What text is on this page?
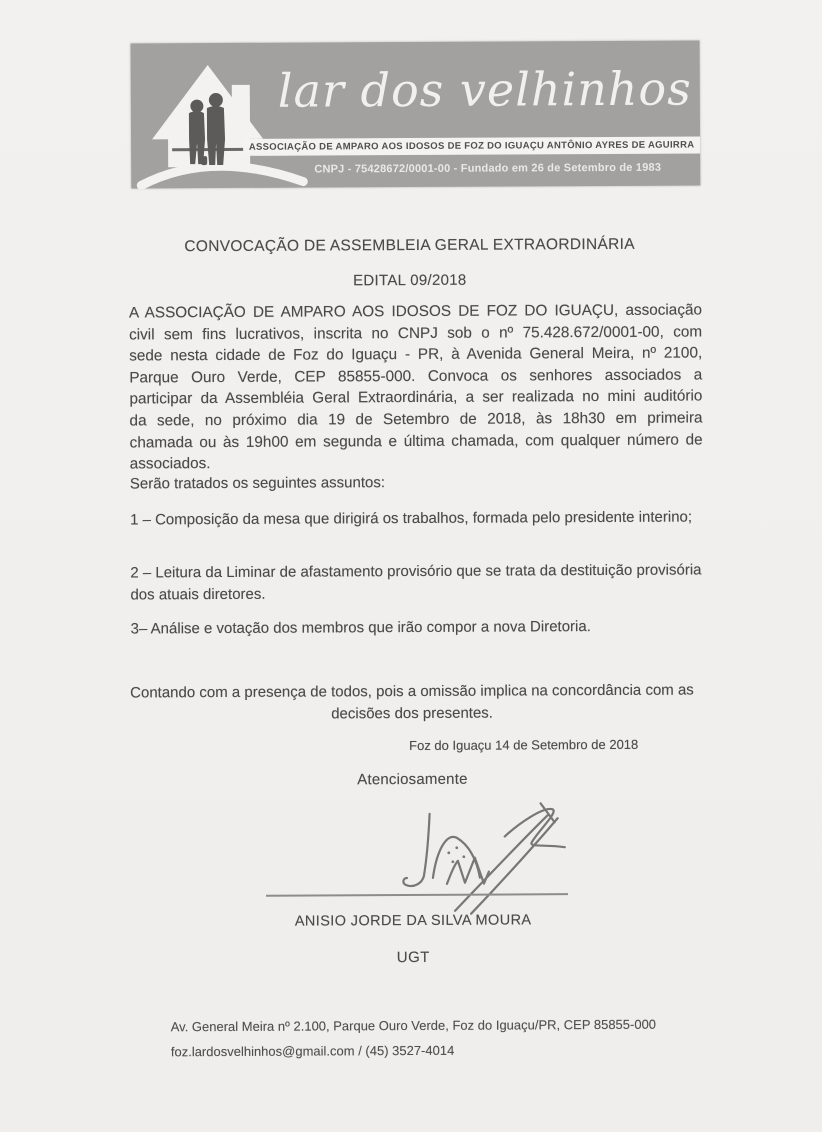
lar dos velhinhos
ASSOCIAÇÃO DE AMPARO AOS IDOSOS DE FOZ DO IGUAÇU ANTÔNIO AYRES DE AGUIRRA
CNPJ - 75428672/0001-00 - Fundado em 26 de Setembro de 1983
CONVOCAÇÃO DE ASSEMBLEIA GERAL EXTRAORDINÁRIA
EDITAL 09/2018

A ASSOCIAÇÃO DE AMPARO AOS IDOSOS DE FOZ DO IGUAÇU, associação civil sem fins lucrativos, inscrita no CNPJ sob o nº 75.428.672/0001-00, com sede nesta cidade de Foz do Iguaçu - PR, à Avenida General Meira, nº 2100, Parque Ouro Verde, CEP 85855-000. Convoca os senhores associados a participar da Assembléia Geral Extraordinária, a ser realizada no mini auditório da sede, no próximo dia 19 de Setembro de 2018, às 18h30 em primeira chamada ou às 19h00 em segunda e última chamada, com qualquer número de associados.

Serão tratados os seguintes assuntos:

1 – Composição da mesa que dirigirá os trabalhos, formada pelo presidente interino;

2 – Leitura da Liminar de afastamento provisório que se trata da destituição provisória dos atuais diretores.

3– Análise e votação dos membros que irão compor a nova Diretoria.

Contando com a presença de todos, pois a omissão implica na concordância com as decisões dos presentes.

Foz do Iguaçu 14 de Setembro de 2018
Atenciosamente
ANISIO JORDE DA SILVA MOURA
UGT
Av. General Meira nº 2.100, Parque Ouro Verde, Foz do Iguaçu/PR, CEP 85855-000
foz.lardosvelhinhos@gmail.com / (45) 3527-4014
